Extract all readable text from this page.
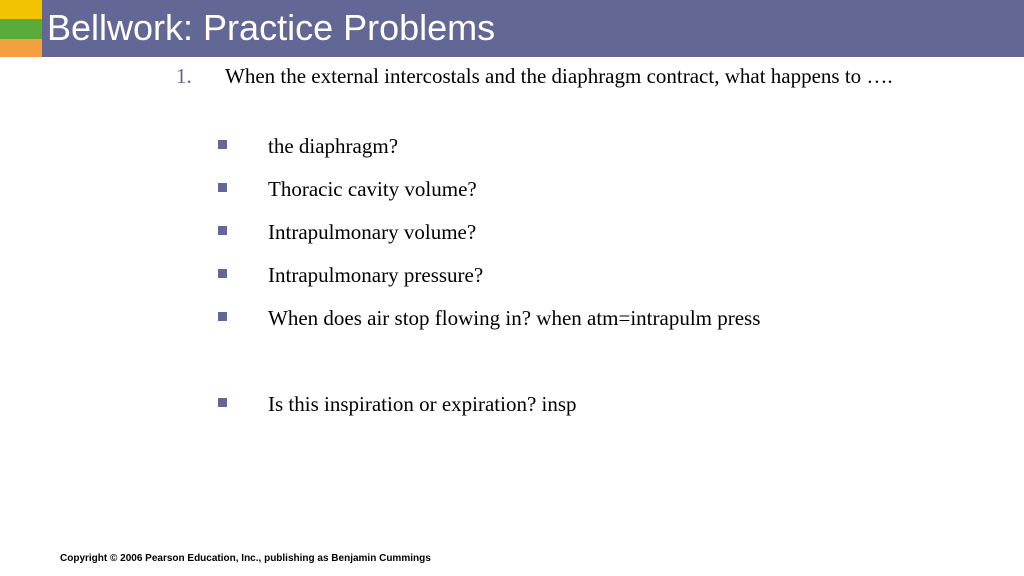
Bellwork: Practice Problems
1. When the external intercostals and the diaphragm contract, what happens to ….
the diaphragm?
Thoracic cavity volume?
Intrapulmonary volume?
Intrapulmonary pressure?
When does air stop flowing in? when atm=intrapulm press
Is this inspiration or expiration? insp
Copyright © 2006 Pearson Education, Inc., publishing as Benjamin Cummings
